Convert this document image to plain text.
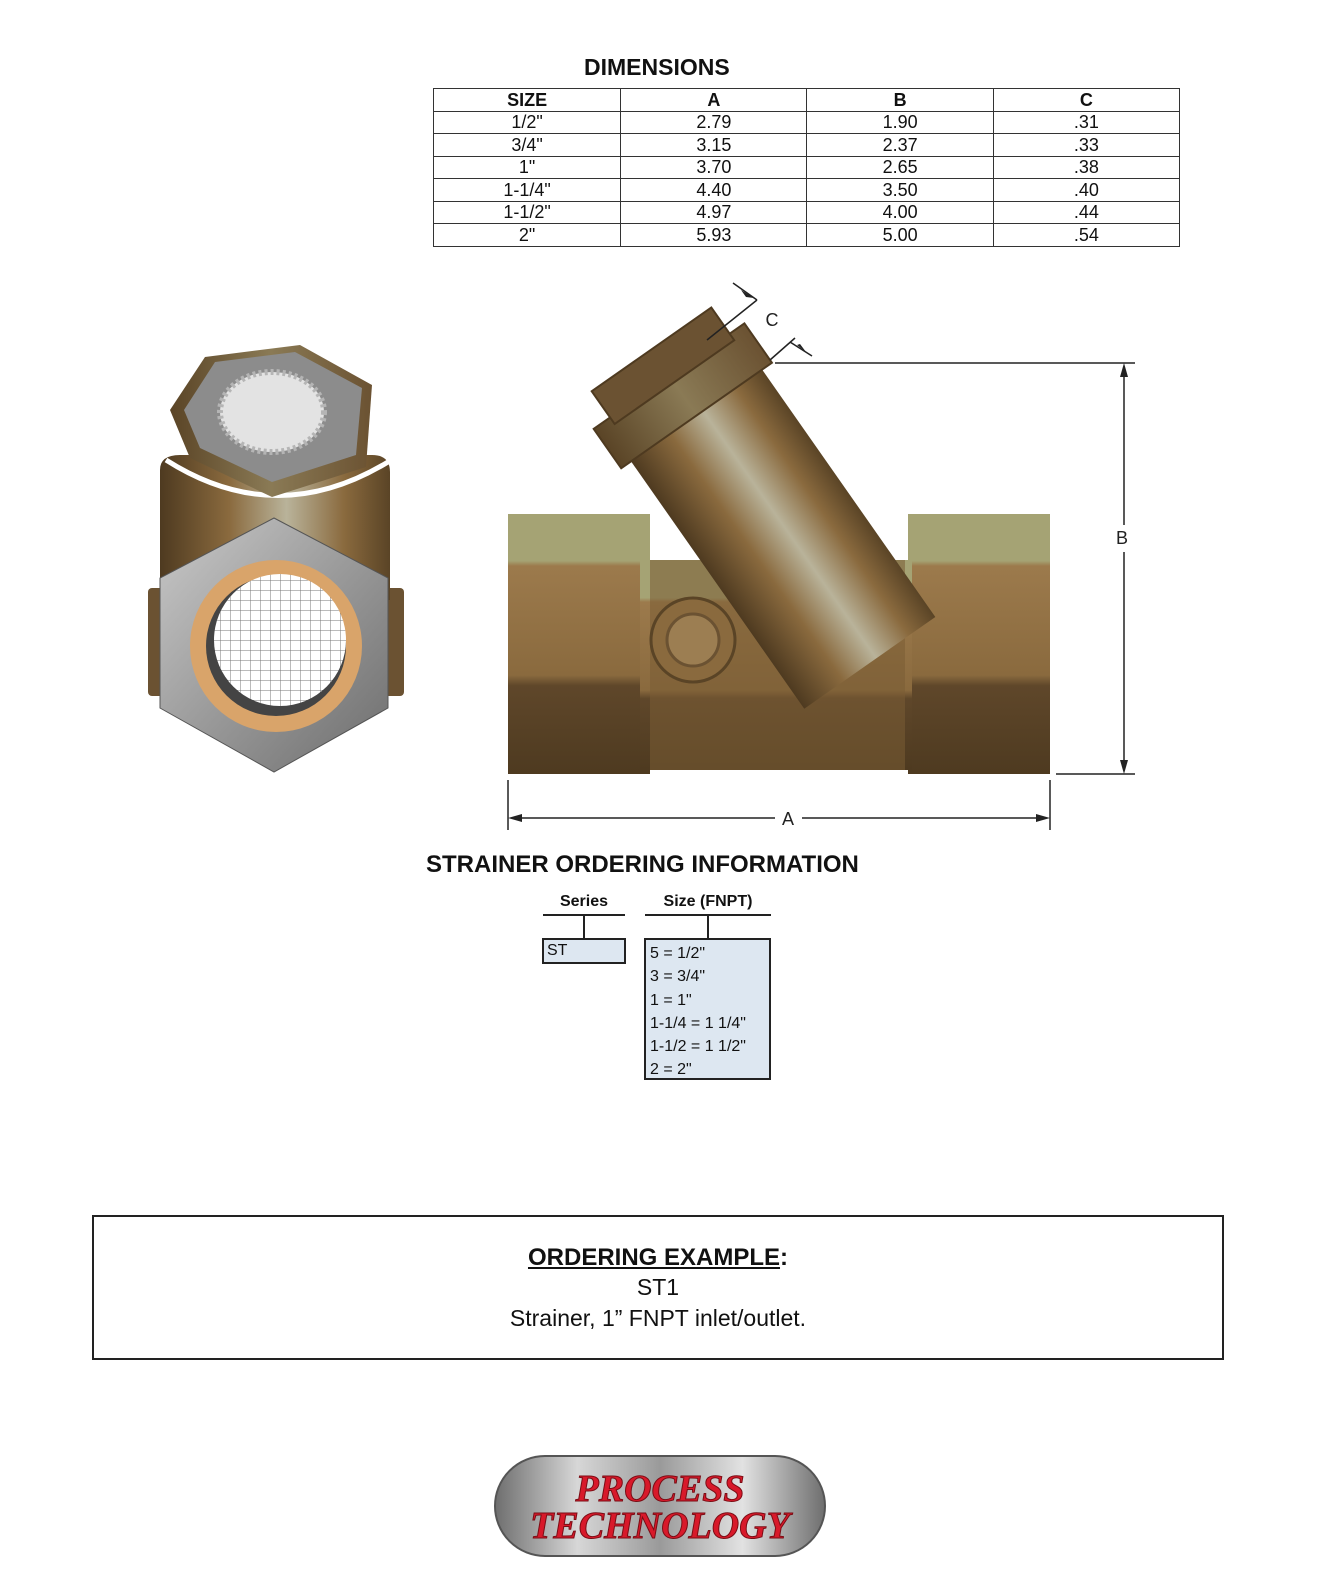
DIMENSIONS
SIZE	A	B	C
1/2"	2.79	1.90	.31
3/4"	3.15	2.37	.33
1"	3.70	2.65	.38
1-1/4"	4.40	3.50	.40
1-1/2"	4.97	4.00	.44
2"	5.93	5.00	.54
A
B
C
STRAINER ORDERING INFORMATION
Series
ST
Size (FNPT)
5 = 1/2"
3 = 3/4"
1 = 1"
1-1/4 = 1 1/4"
1-1/2 = 1 1/2"
2 = 2"
ORDERING EXAMPLE:
ST1
Strainer, 1” FNPT inlet/outlet.
PROCESS
TECHNOLOGY
